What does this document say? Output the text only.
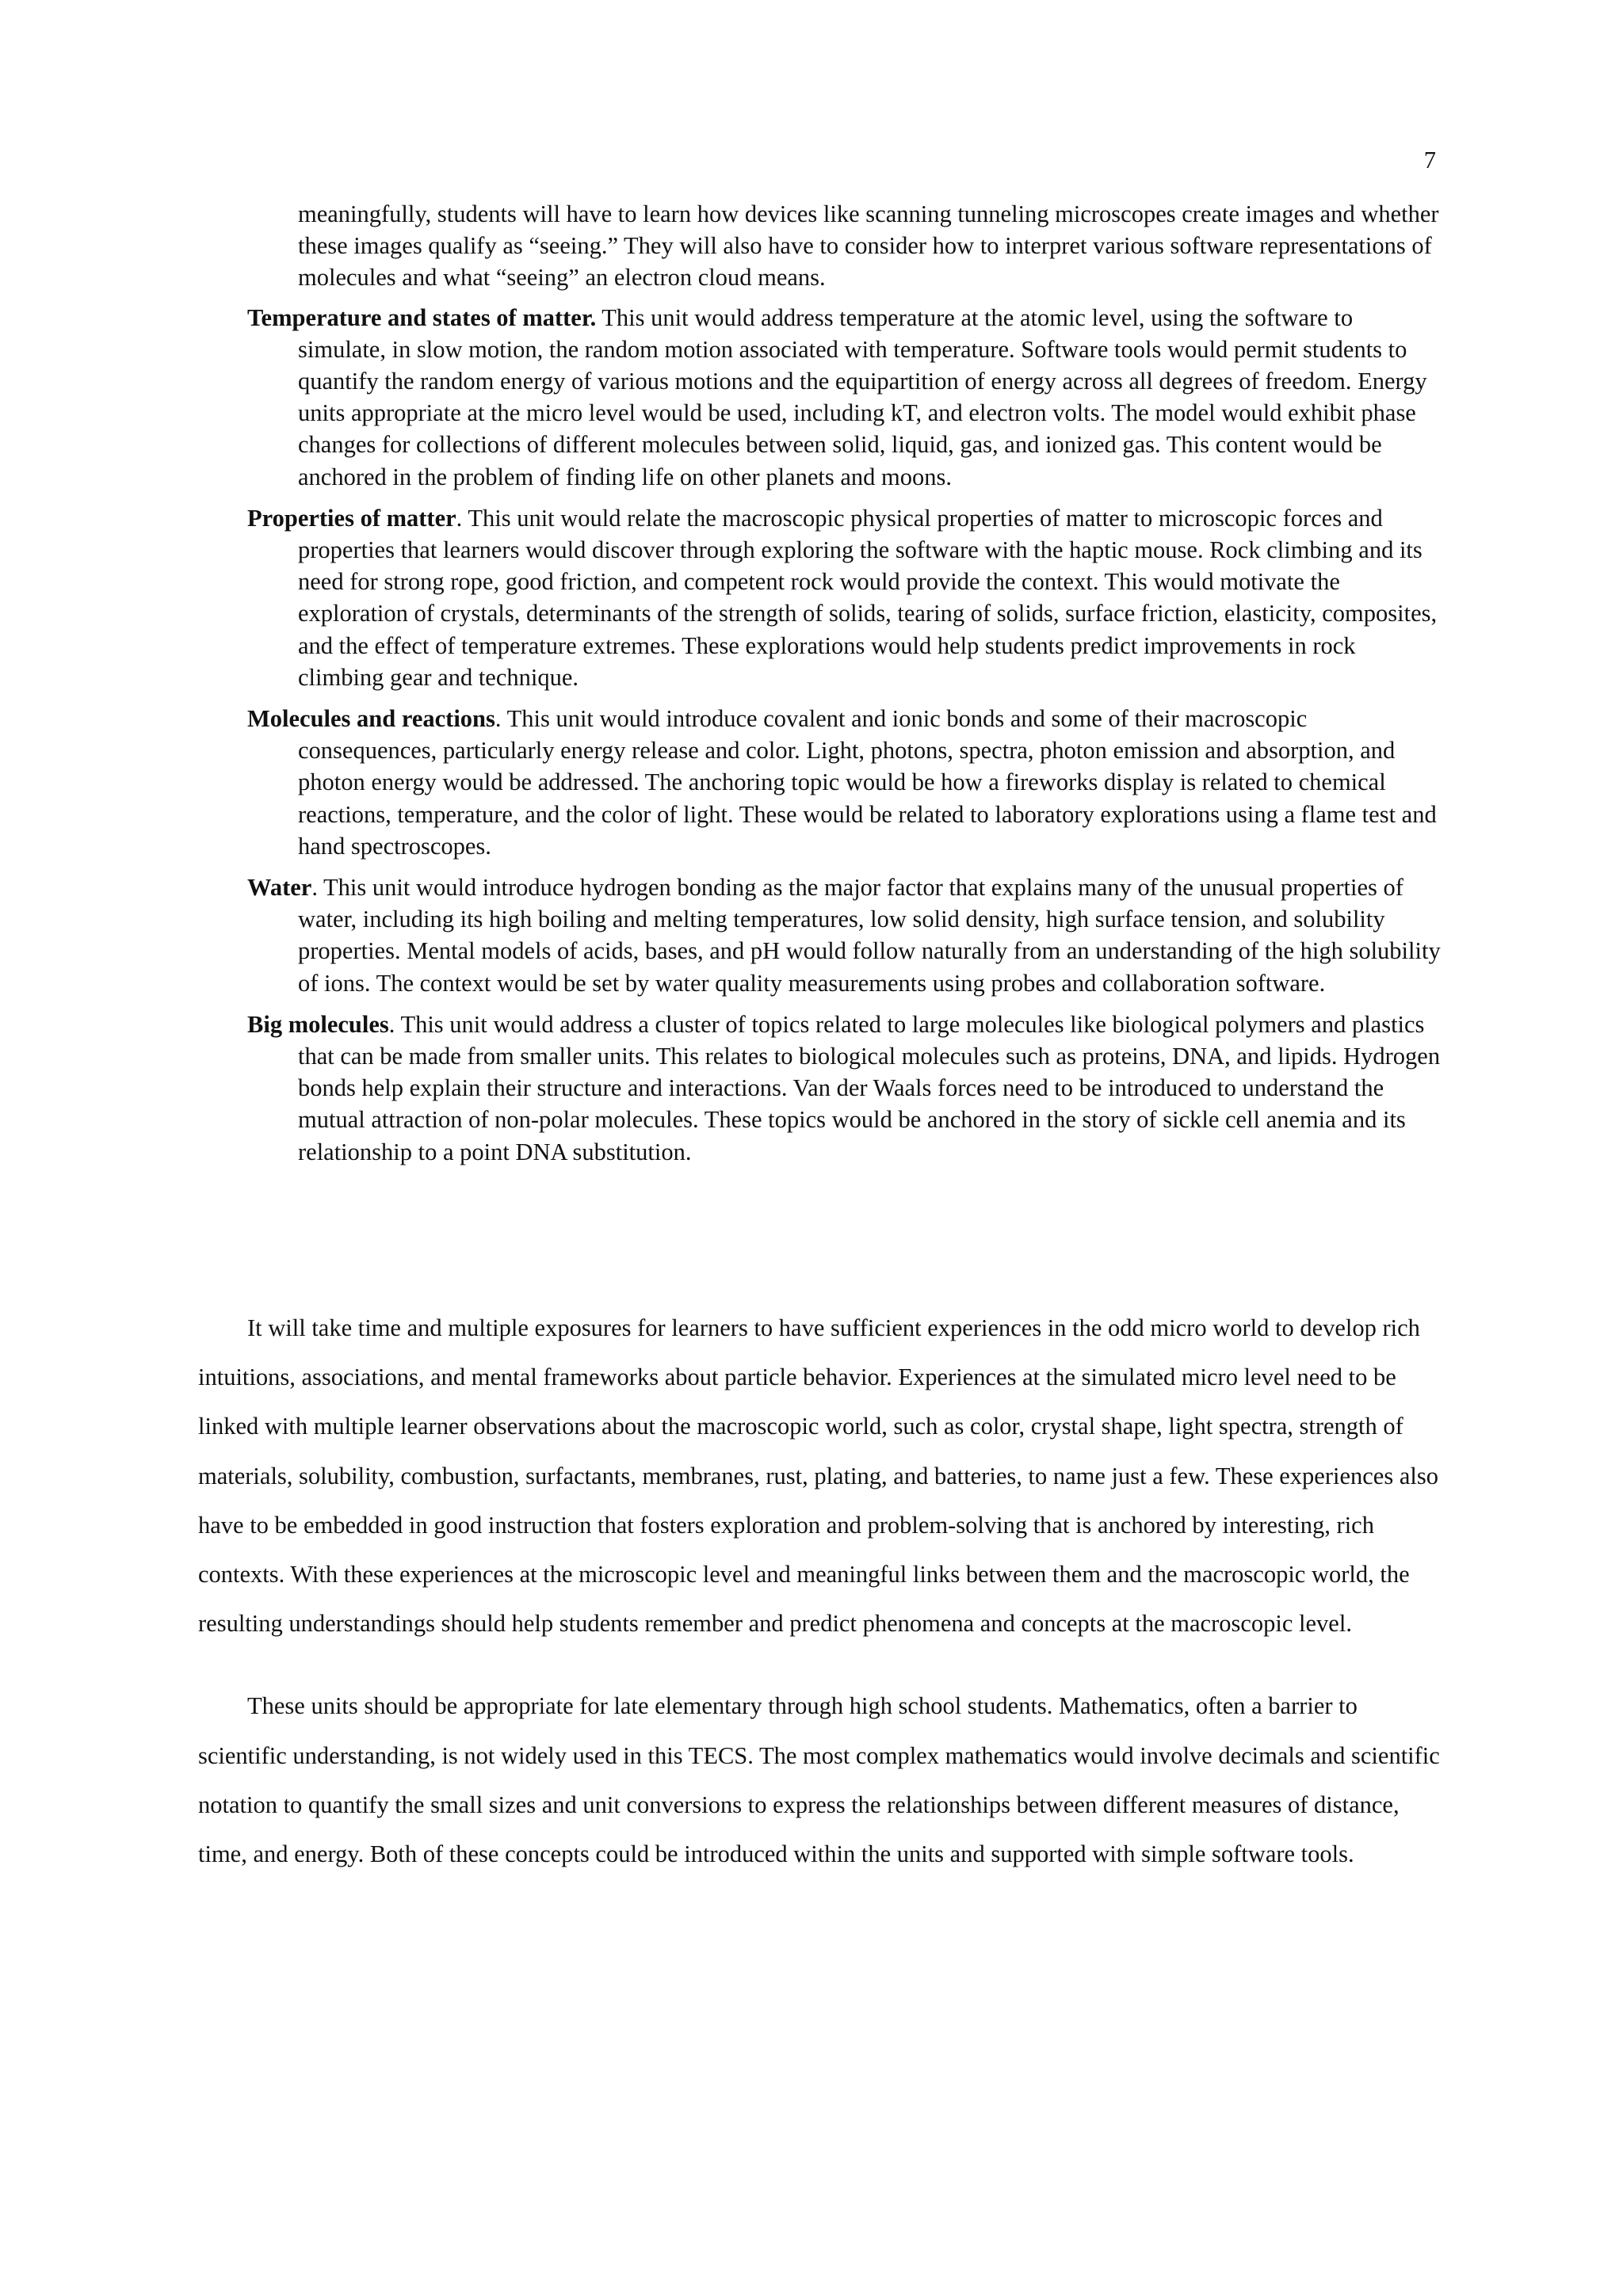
7

meaningfully, students will have to learn how devices like scanning tunneling microscopes create images and whether these images qualify as “seeing.” They will also have to consider how to interpret various software representations of molecules and what “seeing” an electron cloud means.

Temperature and states of matter. This unit would address temperature at the atomic level, using the software to simulate, in slow motion, the random motion associated with temperature. Software tools would permit students to quantify the random energy of various motions and the equipartition of energy across all degrees of freedom. Energy units appropriate at the micro level would be used, including kT, and electron volts. The model would exhibit phase changes for collections of different molecules between solid, liquid, gas, and ionized gas. This content would be anchored in the problem of finding life on other planets and moons.

Properties of matter. This unit would relate the macroscopic physical properties of matter to microscopic forces and properties that learners would discover through exploring the software with the haptic mouse. Rock climbing and its need for strong rope, good friction, and competent rock would provide the context. This would motivate the exploration of crystals, determinants of the strength of solids, tearing of solids, surface friction, elasticity, composites, and the effect of temperature extremes. These explorations would help students predict improvements in rock climbing gear and technique.

Molecules and reactions. This unit would introduce covalent and ionic bonds and some of their macroscopic consequences, particularly energy release and color. Light, photons, spectra, photon emission and absorption, and photon energy would be addressed. The anchoring topic would be how a fireworks display is related to chemical reactions, temperature, and the color of light. These would be related to laboratory explorations using a flame test and hand spectroscopes.

Water. This unit would introduce hydrogen bonding as the major factor that explains many of the unusual properties of water, including its high boiling and melting temperatures, low solid density, high surface tension, and solubility properties. Mental models of acids, bases, and pH would follow naturally from an understanding of the high solubility of ions. The context would be set by water quality measurements using probes and collaboration software.

Big molecules. This unit would address a cluster of topics related to large molecules like biological polymers and plastics that can be made from smaller units. This relates to biological molecules such as proteins, DNA, and lipids. Hydrogen bonds help explain their structure and interactions. Van der Waals forces need to be introduced to understand the mutual attraction of non-polar molecules. These topics would be anchored in the story of sickle cell anemia and its relationship to a point DNA substitution.

It will take time and multiple exposures for learners to have sufficient experiences in the odd micro world to develop rich intuitions, associations, and mental frameworks about particle behavior. Experiences at the simulated micro level need to be linked with multiple learner observations about the macroscopic world, such as color, crystal shape, light spectra, strength of materials, solubility, combustion, surfactants, membranes, rust, plating, and batteries, to name just a few. These experiences also have to be embedded in good instruction that fosters exploration and problem-solving that is anchored by interesting, rich contexts. With these experiences at the microscopic level and meaningful links between them and the macroscopic world, the resulting understandings should help students remember and predict phenomena and concepts at the macroscopic level.

These units should be appropriate for late elementary through high school students. Mathematics, often a barrier to scientific understanding, is not widely used in this TECS. The most complex mathematics would involve decimals and scientific notation to quantify the small sizes and unit conversions to express the relationships between different measures of distance, time, and energy. Both of these concepts could be introduced within the units and supported with simple software tools.
